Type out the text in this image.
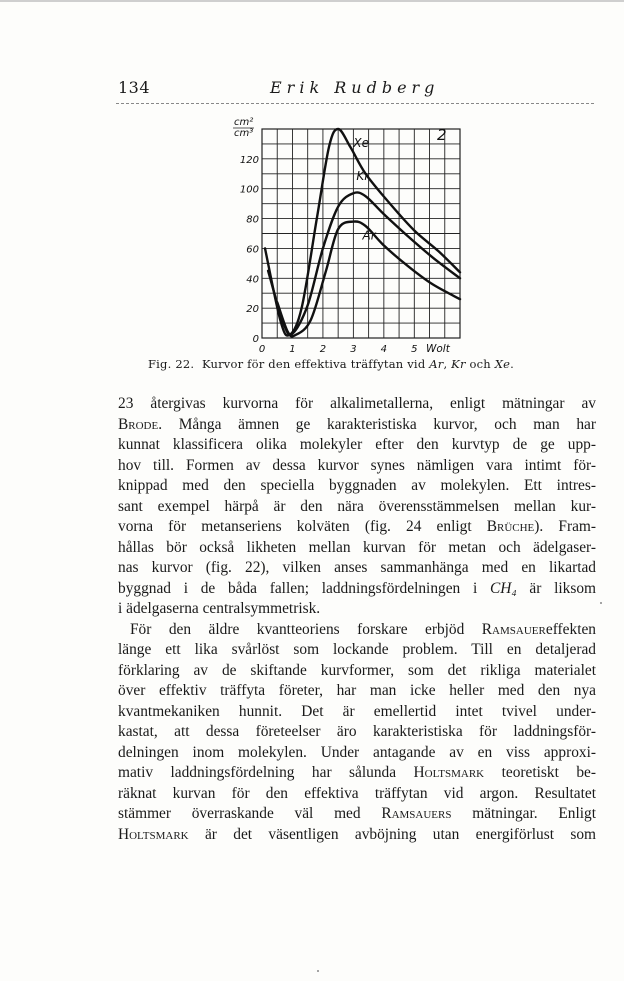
134	Erik Rudberg
cm²
cm³
0
20
40
60
80
100
120
0 1 2 3 4 5 Wolt
Xe
Kr
Ar
2
Fig. 22. Kurvor för den effektiva träffytan vid Ar, Kr och Xe.
23 återgivas kurvorna för alkalimetallerna, enligt mätningar av
Brode. Många ämnen ge karakteristiska kurvor, och man har
kunnat klassificera olika molekyler efter den kurvtyp de ge upp-
hov till. Formen av dessa kurvor synes nämligen vara intimt för-
knippad med den speciella byggnaden av molekylen. Ett intres-
sant exempel härpå är den nära överensstämmelsen mellan kur-
vorna för metanseriens kolväten (fig. 24 enligt Brüche). Fram-
hållas bör också likheten mellan kurvan för metan och ädelgaser-
nas kurvor (fig. 22), vilken anses sammanhänga med en likartad
byggnad i de båda fallen; laddningsfördelningen i CH₄ är liksom
i ädelgaserna centralsymmetrisk.
För den äldre kvantteoriens forskare erbjöd Ramsauereffekten
länge ett lika svårlöst som lockande problem. Till en detaljerad
förklaring av de skiftande kurvformer, som det rikliga materialet
över effektiv träffyta företer, har man icke heller med den nya
kvantmekaniken hunnit. Det är emellertid intet tvivel under-
kastat, att dessa företeelser äro karakteristiska för laddningsför-
delningen inom molekylen. Under antagande av en viss approxi-
mativ laddningsfördelning har sålunda Holtsmark teoretiskt be-
räknat kurvan för den effektiva träffytan vid argon. Resultatet
stämmer överraskande väl med Ramsauers mätningar. Enligt
Holtsmark är det väsentligen avböjning utan energiförlust som
